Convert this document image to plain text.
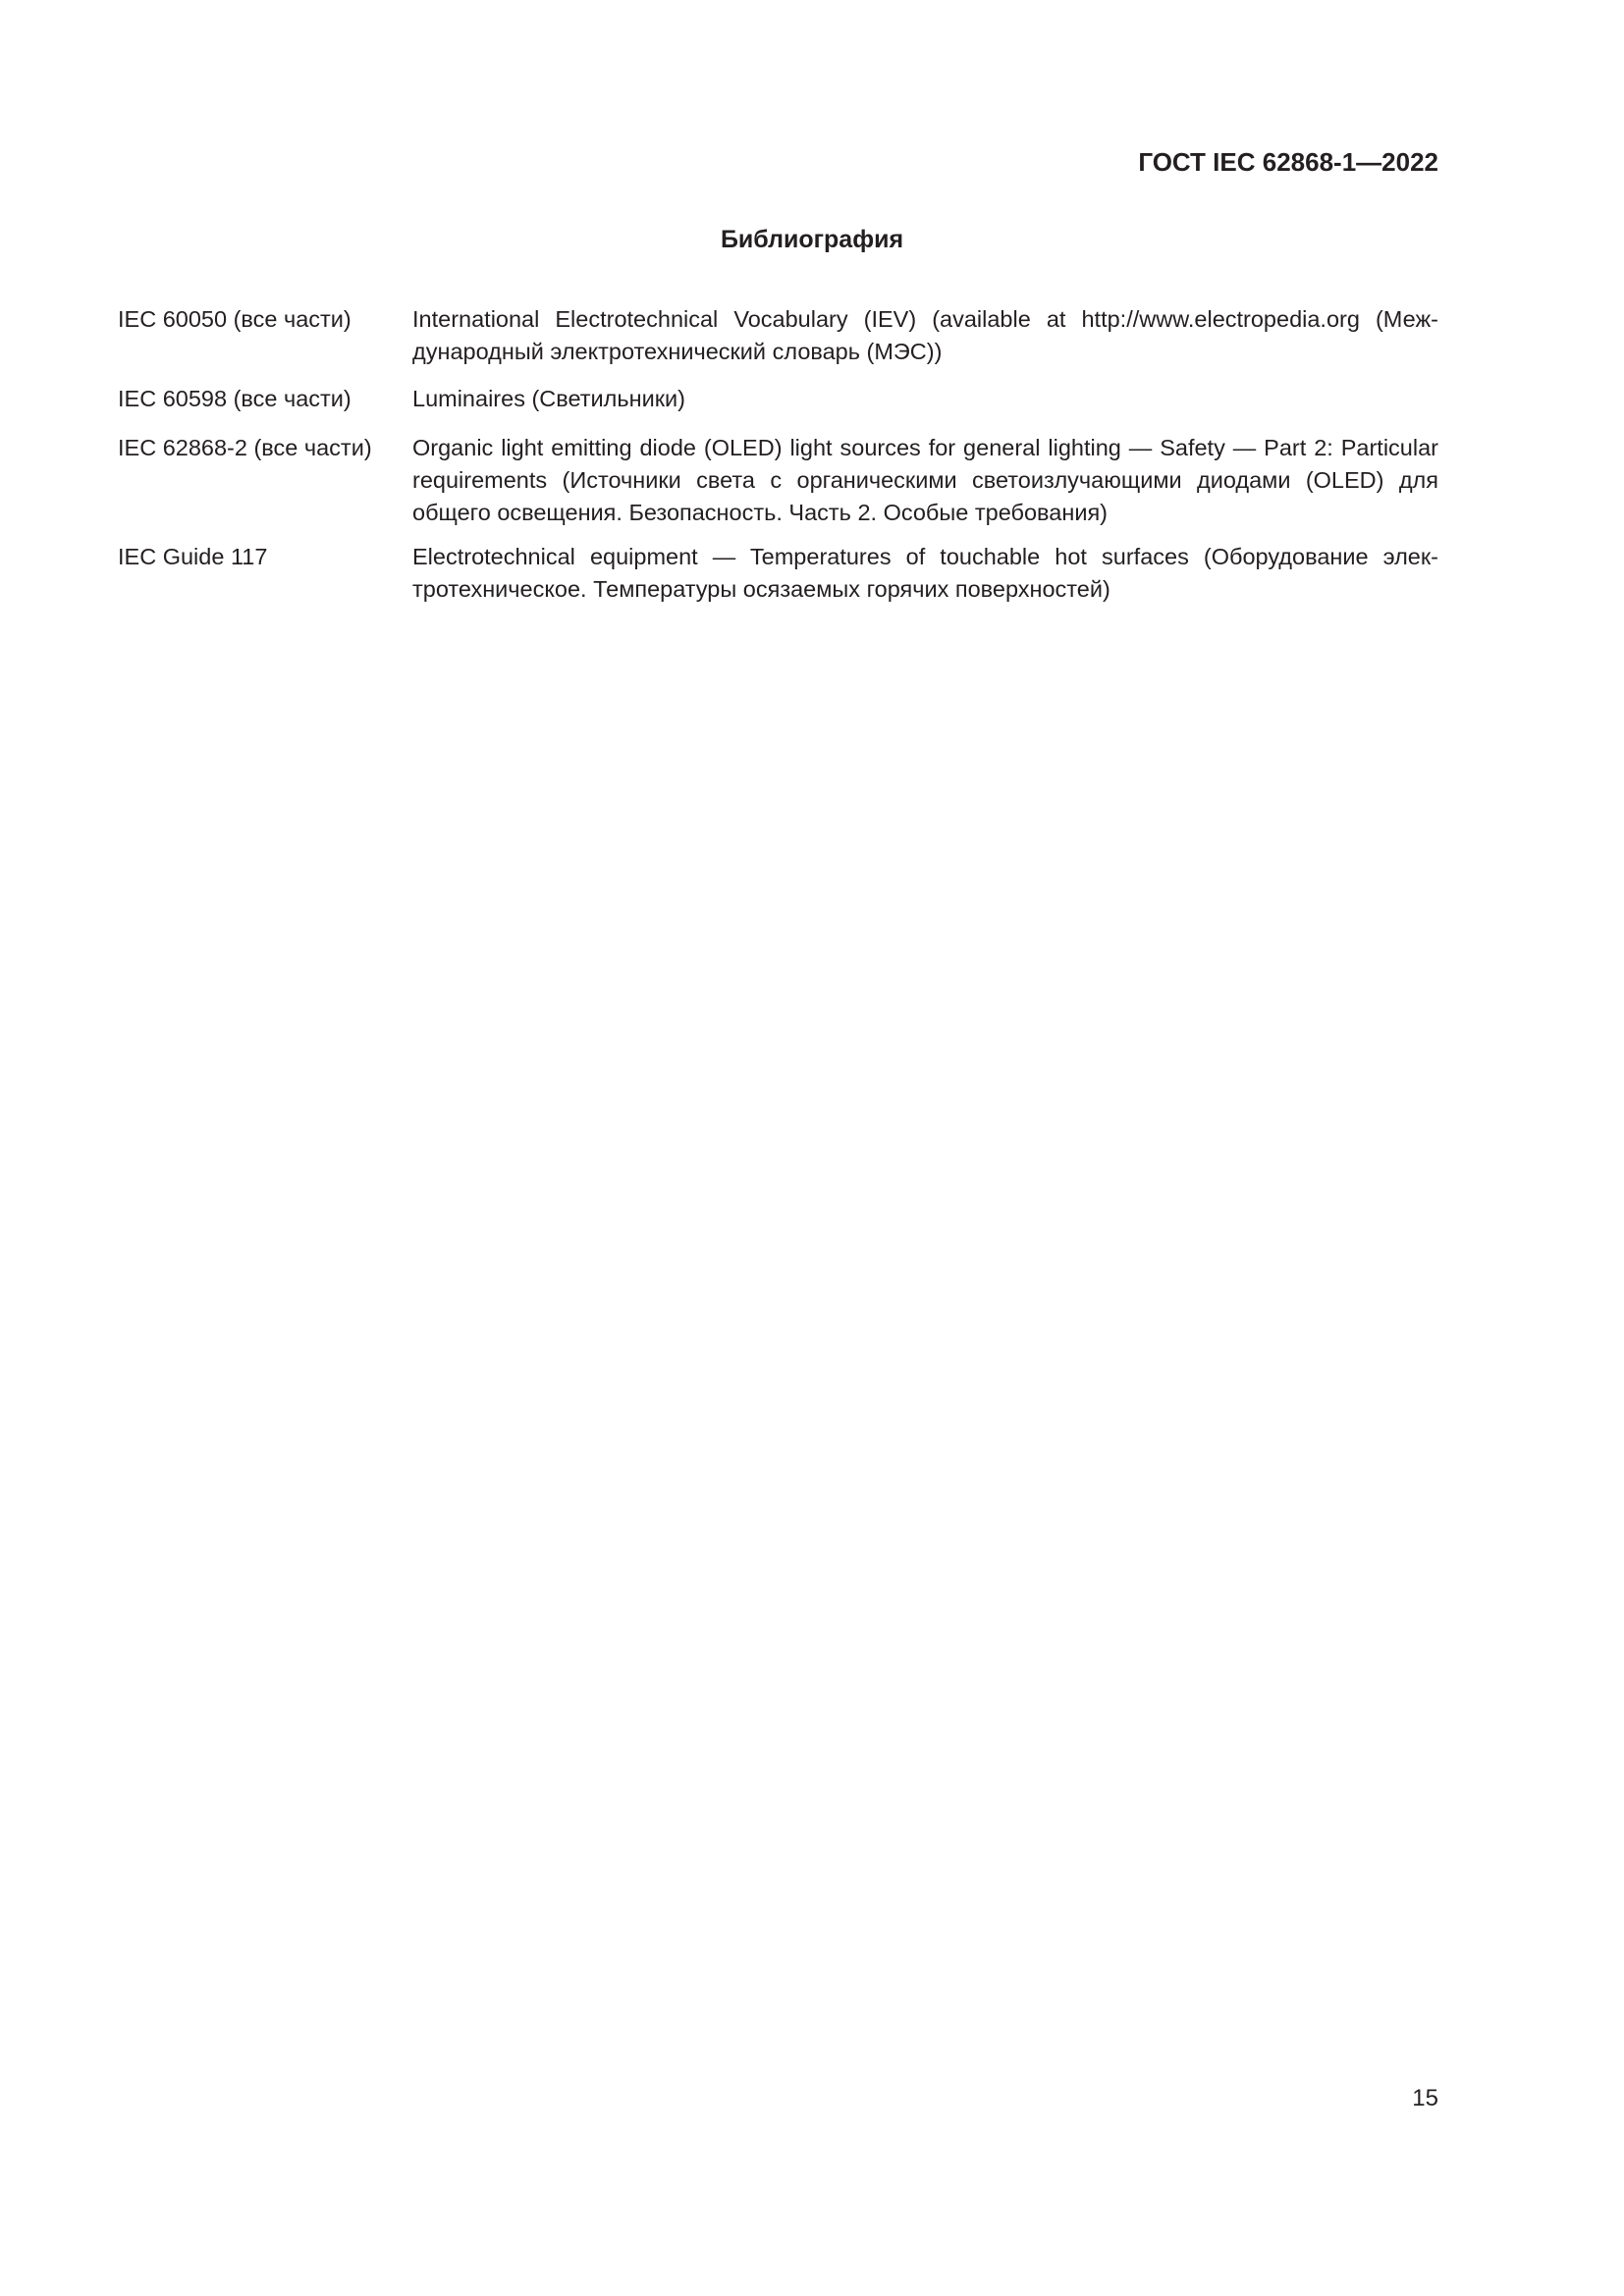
ГОСТ IEC 62868-1—2022
Библиография
IEC 60050 (все части)	International Electrotechnical Vocabulary (IEV) (available at http://www.electropedia.org (Международный электротехнический словарь (МЭС))
IEC 60598 (все части)	Luminaires (Светильники)
IEC 62868-2 (все части) Organic light emitting diode (OLED) light sources for general lighting — Safety — Part 2: Particular requirements (Источники света с органическими светоизлучающими диодами (OLED) для общего освещения. Безопасность. Часть 2. Особые требования)
IEC Guide 117	Electrotechnical equipment — Temperatures of touchable hot surfaces (Оборудование электротехническое. Температуры осязаемых горячих поверхностей)
15
